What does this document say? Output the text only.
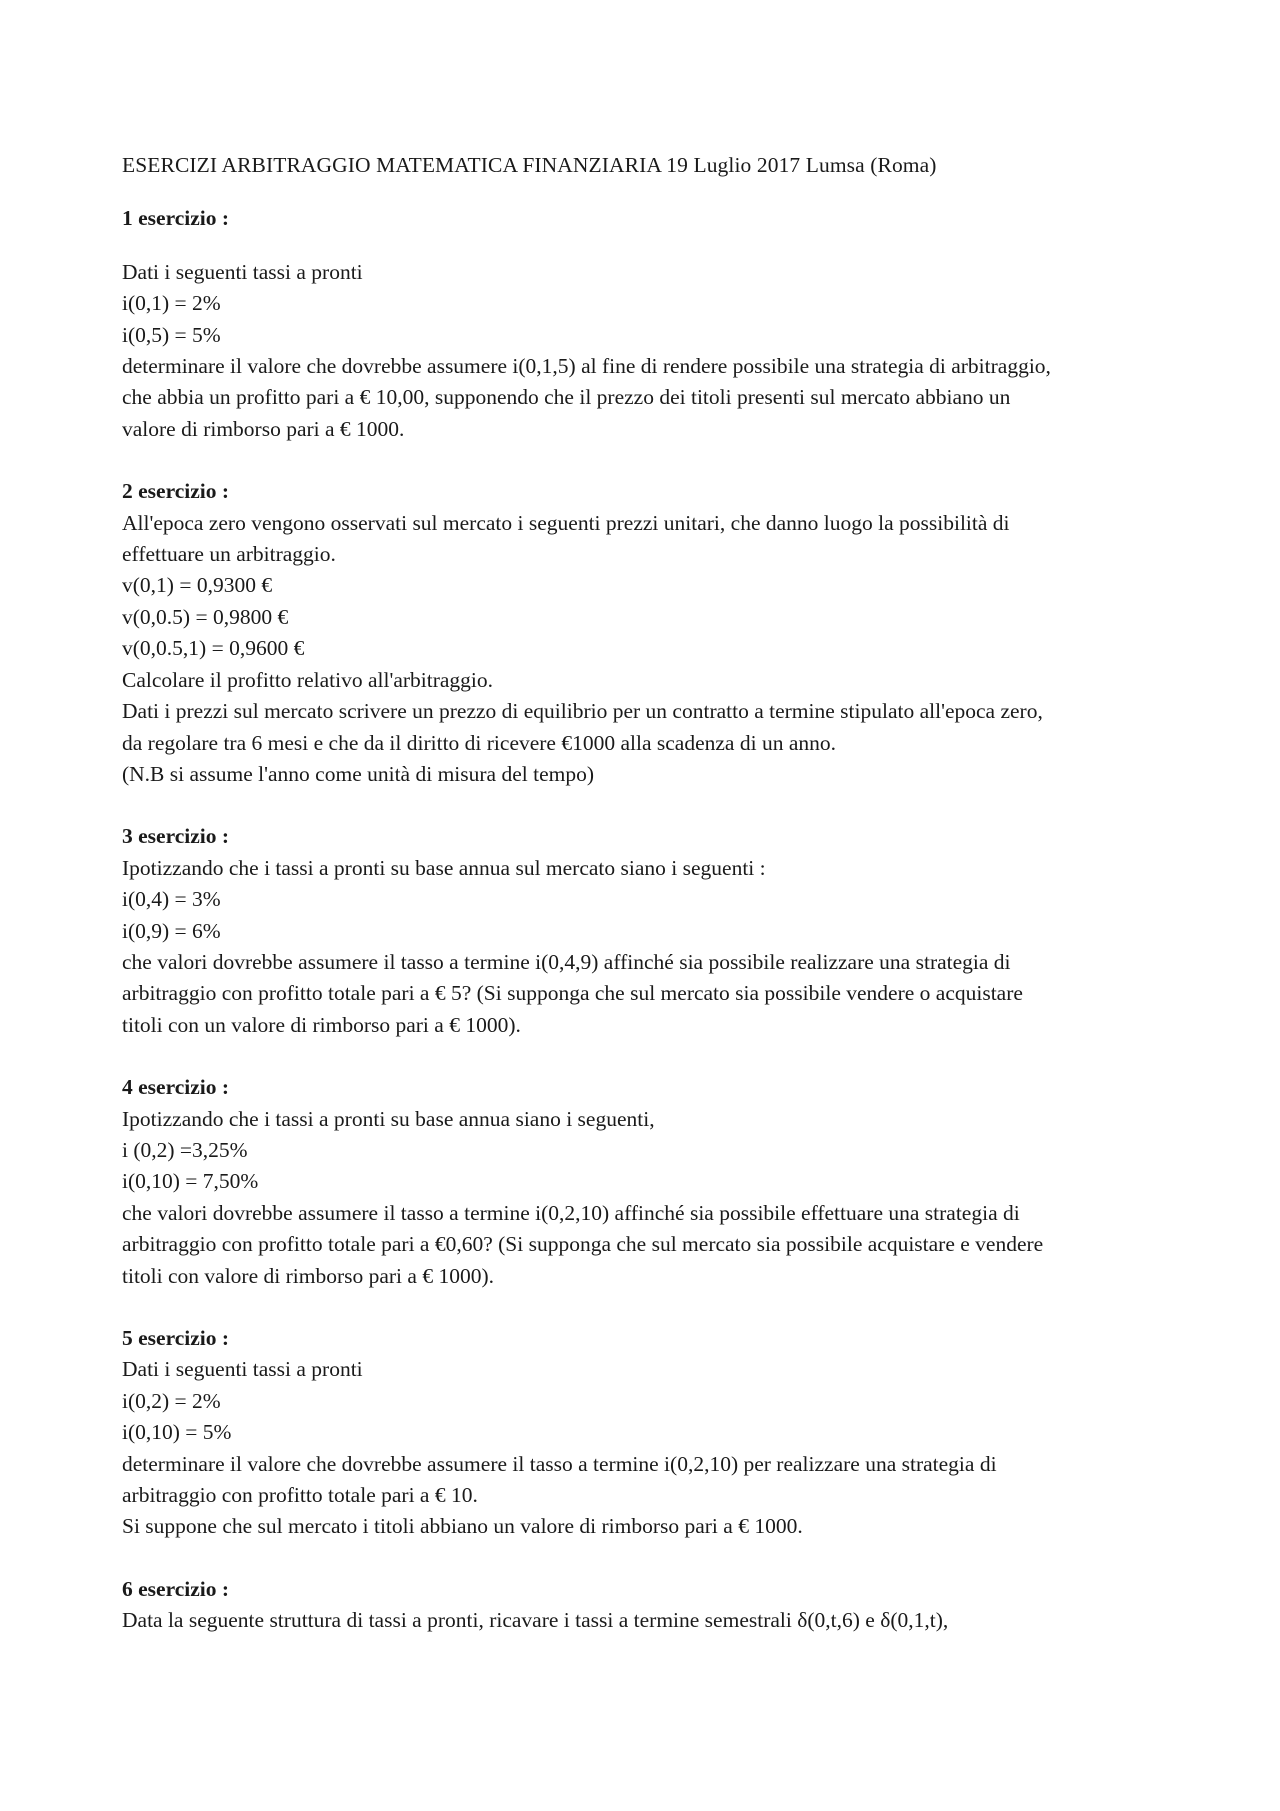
ESERCIZI ARBITRAGGIO MATEMATICA FINANZIARIA 19 Luglio 2017 Lumsa (Roma)

1 esercizio :

Dati i seguenti tassi a pronti

i(0,1) = 2%

i(0,5) = 5%

determinare il valore che dovrebbe assumere i(0,1,5) al fine di rendere possibile una strategia di arbitraggio,

che abbia un profitto pari a € 10,00, supponendo che il prezzo dei titoli presenti sul mercato abbiano un

valore di rimborso pari a € 1000.

2 esercizio :

All'epoca zero vengono osservati sul mercato i seguenti prezzi unitari, che danno luogo la possibilità di

effettuare un arbitraggio.

v(0,1) = 0,9300 €

v(0,0.5) = 0,9800 €

v(0,0.5,1) = 0,9600 €

Calcolare il profitto relativo all'arbitraggio.

Dati i prezzi sul mercato scrivere un prezzo di equilibrio per un contratto a termine stipulato all'epoca zero,

da regolare tra 6 mesi e che da il diritto di ricevere €1000 alla scadenza di un anno.

(N.B si assume l'anno come unità di misura del tempo)

3 esercizio :

Ipotizzando che i tassi a pronti su base annua sul mercato siano i seguenti :

i(0,4) = 3%

i(0,9) = 6%

che valori dovrebbe assumere il tasso a termine i(0,4,9) affinché sia possibile realizzare una strategia di

arbitraggio con profitto totale pari a € 5? (Si supponga che sul mercato sia possibile vendere o acquistare

titoli con un valore di rimborso pari a € 1000).

4 esercizio :

Ipotizzando che i tassi a pronti su base annua siano i seguenti,

i (0,2) =3,25%

i(0,10) = 7,50%

che valori dovrebbe assumere il tasso a termine i(0,2,10) affinché sia possibile effettuare una strategia di

arbitraggio con profitto totale pari a €0,60? (Si supponga che sul mercato sia possibile acquistare e vendere

titoli con valore di rimborso pari a € 1000).

5 esercizio :

Dati i seguenti tassi a pronti

i(0,2) = 2%

i(0,10) = 5%

determinare il valore che dovrebbe assumere il tasso a termine i(0,2,10) per realizzare una strategia di

arbitraggio con profitto totale pari a € 10.

Si suppone che sul mercato i titoli abbiano un valore di rimborso pari a € 1000.

6 esercizio :

Data la seguente struttura di tassi a pronti, ricavare i tassi a termine semestrali δ(0,t,6) e δ(0,1,t),
